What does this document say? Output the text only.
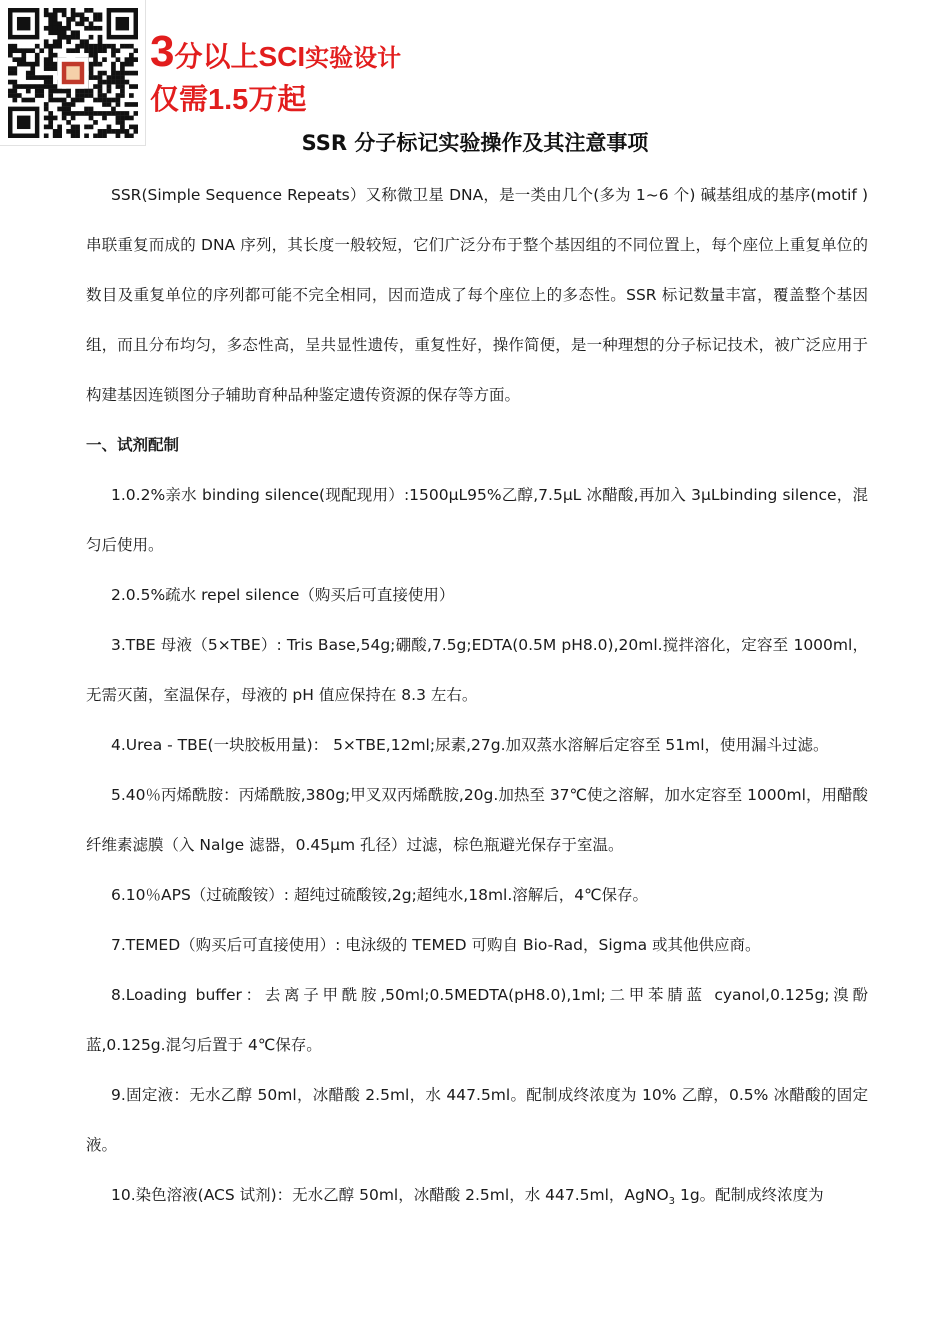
3分以上SCI实验设计
仅需1.5万起
SSR 分子标记实验操作及其注意事项

SSR(Simple Sequence Repeats）又称微卫星 DNA，是一类由几个(多为 1~6 个) 碱基组成的基序(motif )串联重复而成的 DNA 序列，其长度一般较短，它们广泛分布于整个基因组的不同位置上，每个座位上重复单位的数目及重复单位的序列都可能不完全相同，因而造成了每个座位上的多态性。SSR 标记数量丰富，覆盖整个基因组，而且分布均匀，多态性高，呈共显性遗传，重复性好，操作简便，是一种理想的分子标记技术，被广泛应用于构建基因连锁图分子辅助育种品种鉴定遗传资源的保存等方面。

一、试剂配制

1.0.2%亲水 binding silence(现配现用）:1500μL95%乙醇,7.5μL 冰醋酸,再加入 3μLbinding silence，混匀后使用。

2.0.5%疏水 repel silence（购买后可直接使用）

3.TBE 母液（5×TBE）: Tris Base,54g;硼酸,7.5g;EDTA(0.5M pH8.0),20ml.搅拌溶化，定容至 1000ml，无需灭菌，室温保存，母液的 pH 值应保持在 8.3 左右。

4.Urea - TBE(一块胶板用量)： 5×TBE,12ml;尿素,27g.加双蒸水溶解后定容至 51ml，使用漏斗过滤。

5.40％丙烯酰胺：丙烯酰胺,380g;甲叉双丙烯酰胺,20g.加热至 37℃使之溶解，加水定容至 1000ml，用醋酸纤维素滤膜（入 Nalge 滤器，0.45μm 孔径）过滤，棕色瓶避光保存于室温。

6.10％APS（过硫酸铵）: 超纯过硫酸铵,2g;超纯水,18ml.溶解后，4℃保存。

7.TEMED（购买后可直接使用）: 电泳级的 TEMED 可购自 Bio-Rad，Sigma 或其他供应商。

8.Loading buffer：去离子甲酰胺,50ml;0.5MEDTA(pH8.0),1ml;二甲苯腈蓝 cyanol,0.125g;溴酚蓝,0.125g.混匀后置于 4℃保存。

9.固定液：无水乙醇 50ml，冰醋酸 2.5ml，水 447.5ml。配制成终浓度为 10% 乙醇，0.5% 冰醋酸的固定液。

10.染色溶液(ACS 试剂)：无水乙醇 50ml，冰醋酸 2.5ml，水 447.5ml，AgNO$_3$ 1g。配制成终浓度为
